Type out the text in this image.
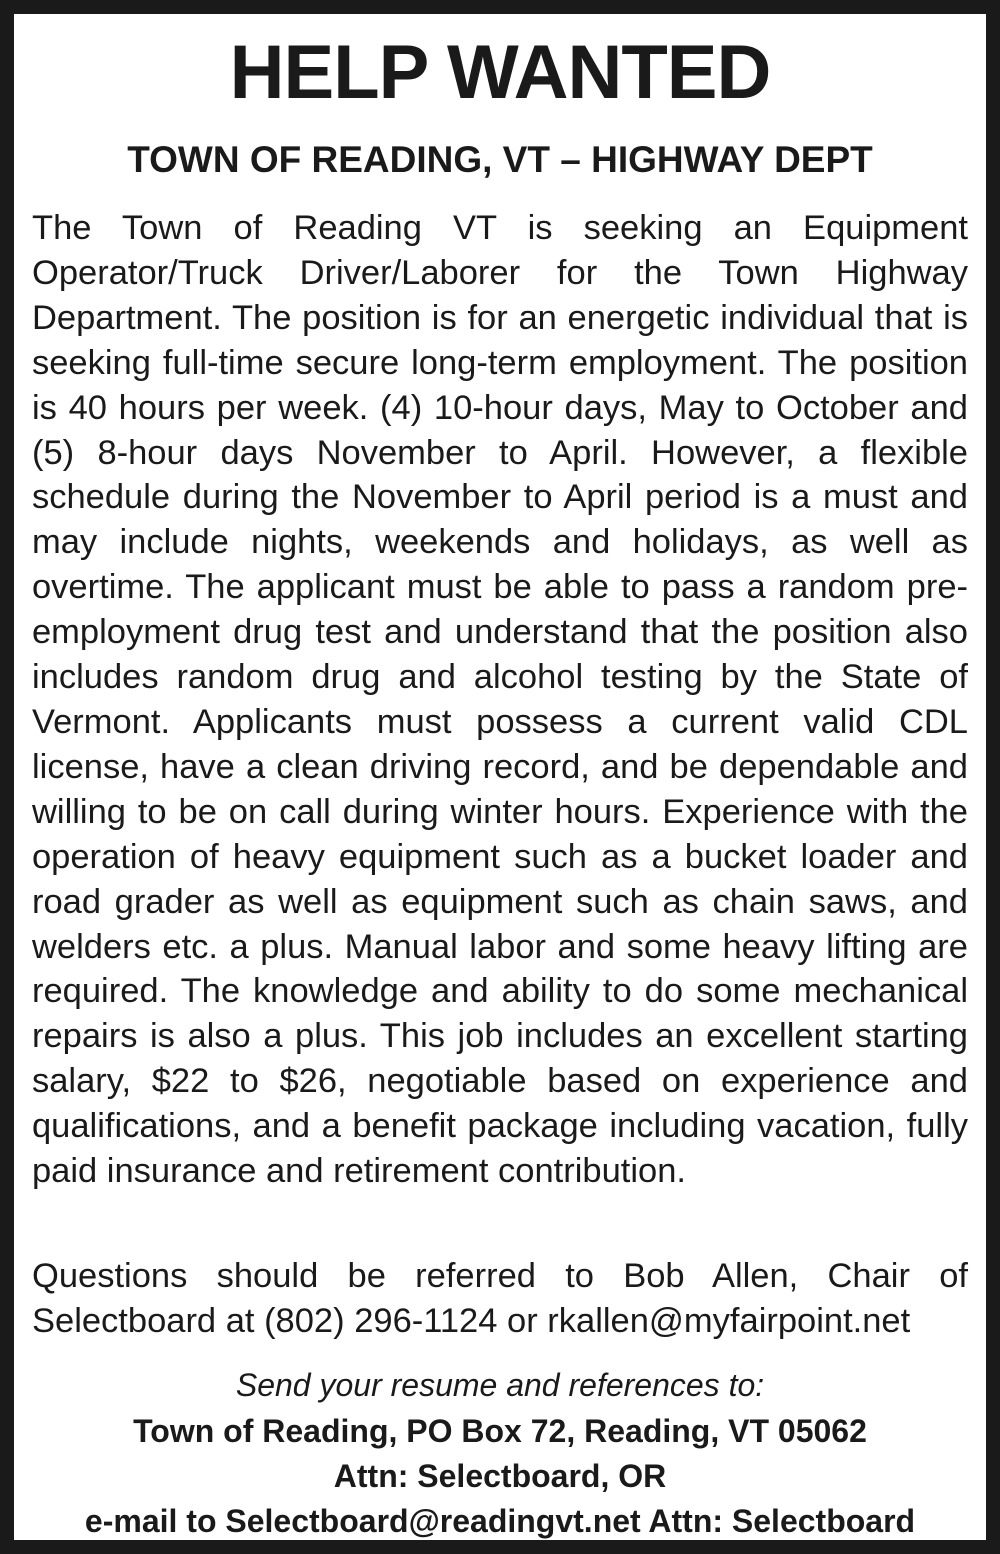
HELP WANTED
TOWN OF READING, VT – HIGHWAY DEPT
The Town of Reading VT is seeking an Equipment Operator/Truck Driver/Laborer for the Town Highway Department. The position is for an energetic individual that is seeking full-time secure long-term employment. The position is 40 hours per week. (4) 10-hour days, May to October and (5) 8-hour days November to April. However, a flexible schedule during the November to April period is a must and may include nights, weekends and holidays, as well as overtime. The applicant must be able to pass a random pre-employment drug test and understand that the position also includes random drug and alcohol testing by the State of Vermont. Applicants must possess a current valid CDL license, have a clean driving record, and be dependable and willing to be on call during winter hours. Experience with the operation of heavy equipment such as a bucket loader and road grader as well as equipment such as chain saws, and welders etc. a plus. Manual labor and some heavy lifting are required. The knowledge and ability to do some mechanical repairs is also a plus. This job includes an excellent starting salary, $22 to $26, negotiable based on experience and qualifications, and a benefit package including vacation, fully paid insurance and retirement contribution.
Questions should be referred to Bob Allen, Chair of Selectboard at (802) 296-1124 or rkallen@myfairpoint.net
Send your resume and references to:
Town of Reading, PO Box 72, Reading, VT 05062
Attn: Selectboard, OR
e-mail to Selectboard@readingvt.net Attn: Selectboard
